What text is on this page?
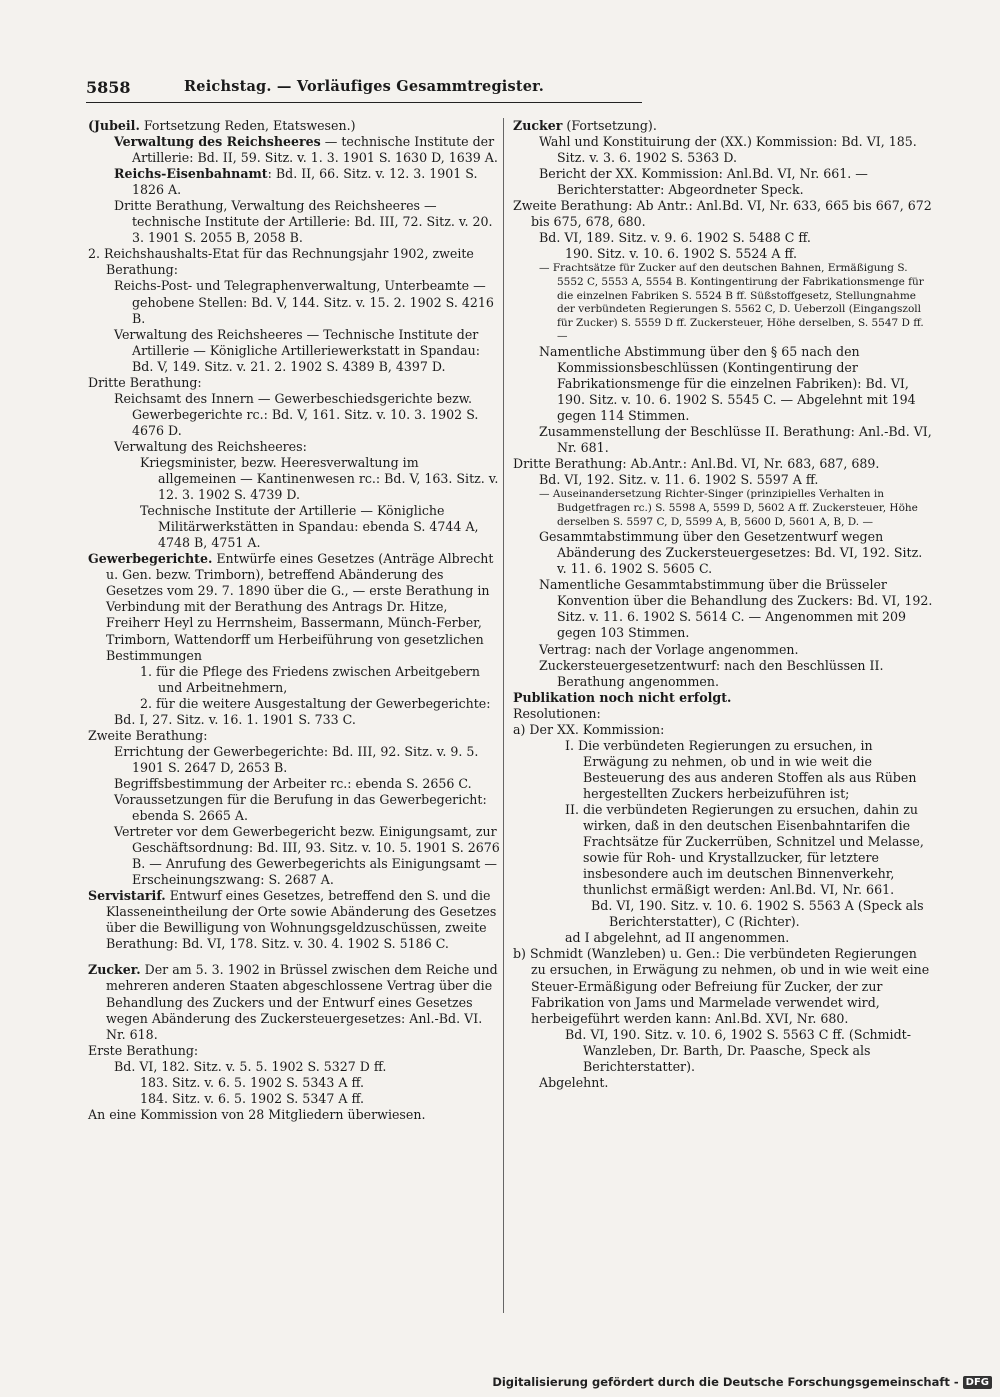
5858	Reichstag. — Vorläufiges Gesammtregister.

(Jubeil. Fortsetzung Reden, Etatswesen.)

Verwaltung des Reichsheeres — technische Institute der Artillerie: Bd. II, 59. Sitz. v. 1. 3. 1901 S. 1630 D, 1639 A.

Reichs-Eisenbahnamt: Bd. II, 66. Sitz. v. 12. 3. 1901 S. 1826 A.

Dritte Berathung, Verwaltung des Reichsheeres — technische Institute der Artillerie: Bd. III, 72. Sitz. v. 20. 3. 1901 S. 2055 B, 2058 B.

2. Reichshaushalts-Etat für das Rechnungsjahr 1902, zweite Berathung:

Reichs-Post- und Telegraphenverwaltung, Unterbeamte — gehobene Stellen: Bd. V, 144. Sitz. v. 15. 2. 1902 S. 4216 B.

Verwaltung des Reichsheeres — Technische Institute der Artillerie — Königliche Artilleriewerkstatt in Spandau: Bd. V, 149. Sitz. v. 21. 2. 1902 S. 4389 B, 4397 D.

Dritte Berathung:

Reichsamt des Innern — Gewerbeschiedsgerichte bezw. Gewerbegerichte rc.: Bd. V, 161. Sitz. v. 10. 3. 1902 S. 4676 D.

Verwaltung des Reichsheeres:

Kriegsminister, bezw. Heeresverwaltung im allgemeinen — Kantinenwesen rc.: Bd. V, 163. Sitz. v. 12. 3. 1902 S. 4739 D.

Technische Institute der Artillerie — Königliche Militärwerkstätten in Spandau: ebenda S. 4744 A, 4748 B, 4751 A.

Gewerbegerichte. Entwürfe eines Gesetzes (Anträge Albrecht u. Gen. bezw. Trimborn), betreffend Abänderung des Gesetzes vom 29. 7. 1890 über die G., — erste Berathung in Verbindung mit der Berathung des Antrags Dr. Hitze, Freiherr Heyl zu Herrnsheim, Bassermann, Münch-Ferber, Trimborn, Wattendorff um Herbeiführung von gesetzlichen Bestimmungen

1. für die Pflege des Friedens zwischen Arbeitgebern und Arbeitnehmern,

2. für die weitere Ausgestaltung der Gewerbegerichte:

Bd. I, 27. Sitz. v. 16. 1. 1901 S. 733 C.

Zweite Berathung:

Errichtung der Gewerbegerichte: Bd. III, 92. Sitz. v. 9. 5. 1901 S. 2647 D, 2653 B.

Begriffsbestimmung der Arbeiter rc.: ebenda S. 2656 C.

Voraussetzungen für die Berufung in das Gewerbegericht: ebenda S. 2665 A.

Vertreter vor dem Gewerbegericht bezw. Einigungsamt, zur Geschäftsordnung: Bd. III, 93. Sitz. v. 10. 5. 1901 S. 2676 B. — Anrufung des Gewerbegerichts als Einigungsamt — Erscheinungszwang: S. 2687 A.

Servistarif. Entwurf eines Gesetzes, betreffend den S. und die Klasseneintheilung der Orte sowie Abänderung des Gesetzes über die Bewilligung von Wohnungsgeldzuschüssen, zweite Berathung: Bd. VI, 178. Sitz. v. 30. 4. 1902 S. 5186 C.

Zucker. Der am 5. 3. 1902 in Brüssel zwischen dem Reiche und mehreren anderen Staaten abgeschlossene Vertrag über die Behandlung des Zuckers und der Entwurf eines Gesetzes wegen Abänderung des Zuckersteuergesetzes: Anl.-Bd. VI. Nr. 618.

Erste Berathung:

Bd. VI, 182. Sitz. v. 5. 5. 1902 S. 5327 D ff.

183. Sitz. v. 6. 5. 1902 S. 5343 A ff.

184. Sitz. v. 6. 5. 1902 S. 5347 A ff.

An eine Kommission von 28 Mitgliedern überwiesen.

Zucker (Fortsetzung).

Wahl und Konstituirung der (XX.) Kommission: Bd. VI, 185. Sitz. v. 3. 6. 1902 S. 5363 D.

Bericht der XX. Kommission: Anl.Bd. VI, Nr. 661. — Berichterstatter: Abgeordneter Speck.

Zweite Berathung: Ab Antr.: Anl.Bd. VI, Nr. 633, 665 bis 667, 672 bis 675, 678, 680.

Bd. VI, 189. Sitz. v. 9. 6. 1902 S. 5488 C ff.

190. Sitz. v. 10. 6. 1902 S. 5524 A ff.

— Frachtsätze für Zucker auf den deutschen Bahnen, Ermäßigung S. 5552 C, 5553 A, 5554 B. Kontingentirung der Fabrikationsmenge für die einzelnen Fabriken S. 5524 B ff. Süßstoffgesetz, Stellungnahme der verbündeten Regierungen S. 5562 C, D. Ueberzoll (Eingangszoll für Zucker) S. 5559 D ff. Zuckersteuer, Höhe derselben, S. 5547 D ff. —

Namentliche Abstimmung über den § 65 nach den Kommissionsbeschlüssen (Kontingentirung der Fabrikationsmenge für die einzelnen Fabriken): Bd. VI, 190. Sitz. v. 10. 6. 1902 S. 5545 C. — Abgelehnt mit 194 gegen 114 Stimmen.

Zusammenstellung der Beschlüsse II. Berathung: Anl.-Bd. VI, Nr. 681.

Dritte Berathung: Ab.Antr.: Anl.Bd. VI, Nr. 683, 687, 689.

Bd. VI, 192. Sitz. v. 11. 6. 1902 S. 5597 A ff.

— Auseinandersetzung Richter-Singer (prinzipielles Verhalten in Budgetfragen rc.) S. 5598 A, 5599 D, 5602 A ff. Zuckersteuer, Höhe derselben S. 5597 C, D, 5599 A, B, 5600 D, 5601 A, B, D. —

Gesammtabstimmung über den Gesetzentwurf wegen Abänderung des Zuckersteuergesetzes: Bd. VI, 192. Sitz. v. 11. 6. 1902 S. 5605 C.

Namentliche Gesammtabstimmung über die Brüsseler Konvention über die Behandlung des Zuckers: Bd. VI, 192. Sitz. v. 11. 6. 1902 S. 5614 C. — Angenommen mit 209 gegen 103 Stimmen.

Vertrag: nach der Vorlage angenommen.

Zuckersteuergesetzentwurf: nach den Beschlüssen II. Berathung angenommen.

Publikation noch nicht erfolgt.

Resolutionen:

a) Der XX. Kommission:

I. Die verbündeten Regierungen zu ersuchen, in Erwägung zu nehmen, ob und in wie weit die Besteuerung des aus anderen Stoffen als aus Rüben hergestellten Zuckers herbeizuführen ist;

II. die verbündeten Regierungen zu ersuchen, dahin zu wirken, daß in den deutschen Eisenbahntarifen die Frachtsätze für Zuckerrüben, Schnitzel und Melasse, sowie für Roh- und Krystallzucker, für letztere insbesondere auch im deutschen Binnenverkehr, thunlichst ermäßigt werden: Anl.Bd. VI, Nr. 661.

Bd. VI, 190. Sitz. v. 10. 6. 1902 S. 5563 A (Speck als Berichterstatter), C (Richter).

ad I abgelehnt, ad II angenommen.

b) Schmidt (Wanzleben) u. Gen.: Die verbündeten Regierungen zu ersuchen, in Erwägung zu nehmen, ob und in wie weit eine Steuer-Ermäßigung oder Befreiung für Zucker, der zur Fabrikation von Jams und Marmelade verwendet wird, herbeigeführt werden kann: Anl.Bd. XVI, Nr. 680.

Bd. VI, 190. Sitz. v. 10. 6, 1902 S. 5563 C ff. (Schmidt-Wanzleben, Dr. Barth, Dr. Paasche, Speck als Berichterstatter).

Abgelehnt.

Digitalisierung gefördert durch die Deutsche Forschungsgemeinschaft - DFG
